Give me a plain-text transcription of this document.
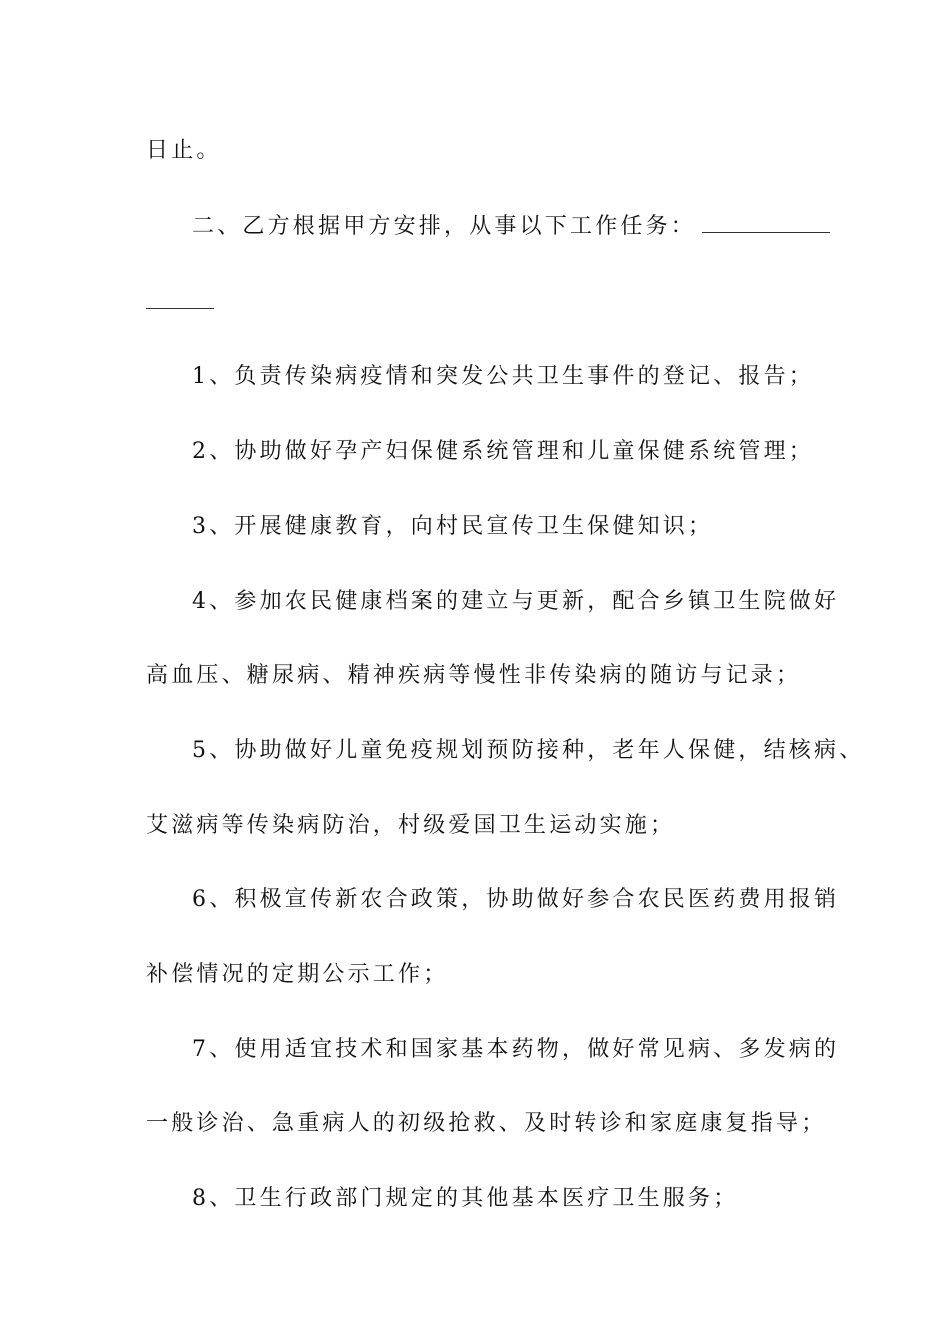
日止。
二、乙方根据甲方安排，从事以下工作任务：
1、负责传染病疫情和突发公共卫生事件的登记、报告；
2、协助做好孕产妇保健系统管理和儿童保健系统管理；
3、开展健康教育，向村民宣传卫生保健知识；
4、参加农民健康档案的建立与更新，配合乡镇卫生院做好
高血压、糖尿病、精神疾病等慢性非传染病的随访与记录；
5、协助做好儿童免疫规划预防接种，老年人保健，结核病、
艾滋病等传染病防治，村级爱国卫生运动实施；
6、积极宣传新农合政策，协助做好参合农民医药费用报销
补偿情况的定期公示工作；
7、使用适宜技术和国家基本药物，做好常见病、多发病的
一般诊治、急重病人的初级抢救、及时转诊和家庭康复指导；
8、卫生行政部门规定的其他基本医疗卫生服务；
